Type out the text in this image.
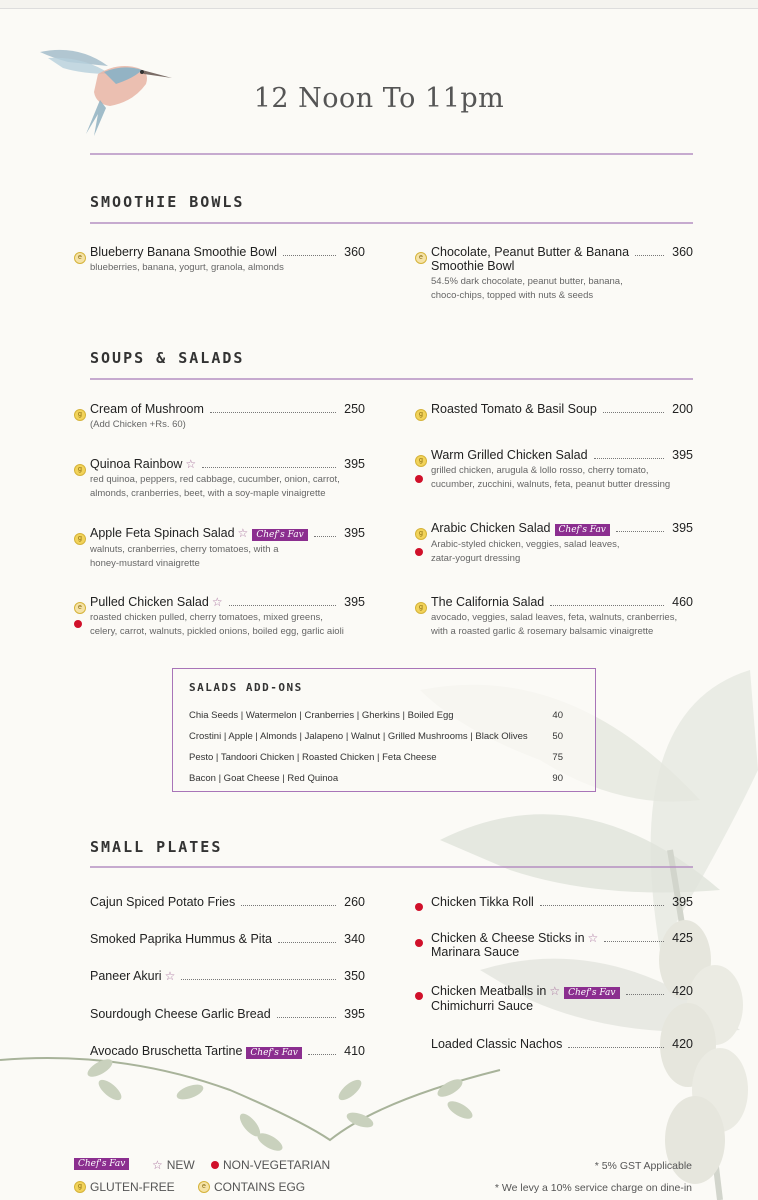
12 Noon To 11pm
SMOOTHIE BOWLS
e Blueberry Banana Smoothie Bowl	360
blueberries, banana, yogurt, granola, almonds
e Chocolate, Peanut Butter & Banana	360
Smoothie Bowl
54.5% dark chocolate, peanut butter, banana,
choco-chips, topped with nuts & seeds
SOUPS & SALADS
g Cream of Mushroom	250
(Add Chicken +Rs. 60)
g Roasted Tomato & Basil Soup	200
g Quinoa Rainbow ☆	395
red quinoa, peppers, red cabbage, cucumber, onion, carrot,
almonds, cranberries, beet, with a soy-maple vinaigrette
g Warm Grilled Chicken Salad	395
grilled chicken, arugula & lollo rosso, cherry tomato,
cucumber, zucchini, walnuts, feta, peanut butter dressing
g Apple Feta Spinach Salad ☆ Chef's Fav	395
walnuts, cranberries, cherry tomatoes, with a
honey-mustard vinaigrette
g Arabic Chicken Salad Chef's Fav	395
Arabic-styled chicken, veggies, salad leaves,
zatar-yogurt dressing
e Pulled Chicken Salad ☆	395
roasted chicken pulled, cherry tomatoes, mixed greens,
celery, carrot, walnuts, pickled onions, boiled egg, garlic aioli
g The California Salad	460
avocado, veggies, salad leaves, feta, walnuts, cranberries,
with a roasted garlic & rosemary balsamic vinaigrette
SALADS ADD-ONS
Chia Seeds | Watermelon | Cranberries | Gherkins | Boiled Egg	40
Crostini | Apple | Almonds | Jalapeno | Walnut | Grilled Mushrooms | Black Olives	50
Pesto | Tandoori Chicken | Roasted Chicken | Feta Cheese	75
Bacon | Goat Cheese | Red Quinoa	90
SMALL PLATES
Cajun Spiced Potato Fries	260	Chicken Tikka Roll	395
Smoked Paprika Hummus & Pita	340	Chicken & Cheese Sticks in ☆	425
Marinara Sauce
Paneer Akuri ☆	350
Chicken Meatballs in ☆ Chef's Fav	420
Chimichurri Sauce
Sourdough Cheese Garlic Bread	395
Loaded Classic Nachos	420
Avocado Bruschetta Tartine Chef's Fav	410
Chef's Fav	☆ NEW NON-VEGETARIAN
g GLUTEN-FREE	e CONTAINS EGG
* 5% GST Applicable
* We levy a 10% service charge on dine-in
